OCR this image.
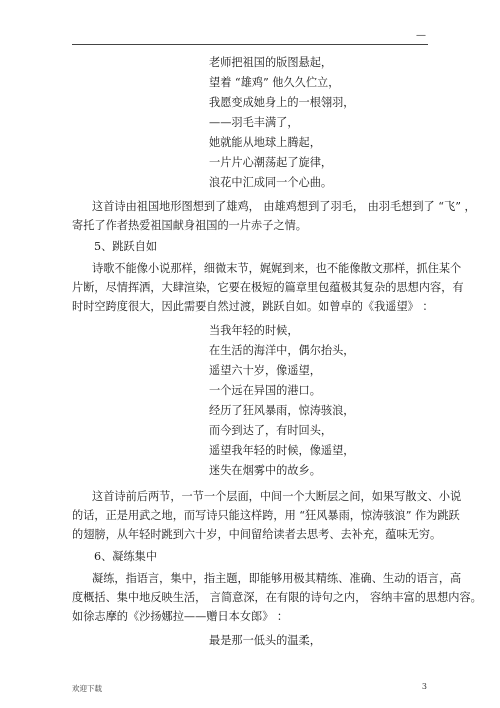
—
老师把祖国的版图悬起，
望着 “雄鸡” 他久久伫立，
我愿变成她身上的一根翎羽，
——羽毛丰满了，
她就能从地球上腾起，
一片片心潮荡起了旋律，
浪花中汇成同一个心曲。
这首诗由祖国地形图想到了雄鸡， 由雄鸡想到了羽毛， 由羽毛想到了 “飞” ，
寄托了作者热爱祖国献身祖国的一片赤子之情。
5、跳跃自如
诗歌不能像小说那样，细微末节，娓娓到来，也不能像散文那样，抓住某个
片断，尽情挥洒，大肆渲染，它要在极短的篇章里包蕴极其复杂的思想内容，有
时时空跨度很大，因此需要自然过渡，跳跃自如。如曾卓的《我遥望》 ：
当我年轻的时候，
在生活的海洋中，偶尔抬头，
遥望六十岁，像遥望，
一个远在异国的港口。
经历了狂风暴雨，惊涛骇浪，
而今到达了，有时回头，
遥望我年轻的时候，像遥望，
迷失在烟雾中的故乡。
这首诗前后两节，一节一个层面，中间一个大断层之间，如果写散文、小说
的话，正是用武之地，而写诗只能这样跨，用 “狂风暴雨，惊涛骇浪” 作为跳跃
的翅膀，从年轻时跳到六十岁，中间留给读者去思考、去补充，蕴味无穷。
6、凝练集中
凝练，指语言，集中，指主题，即能够用极其精练、准确、生动的语言，高
度概括、集中地反映生活， 言简意深，在有限的诗句之内， 容纳丰富的思想内容。
如徐志摩的《沙扬娜拉——赠日本女郎》 ：
最是那一低头的温柔，
欢迎下载	3
